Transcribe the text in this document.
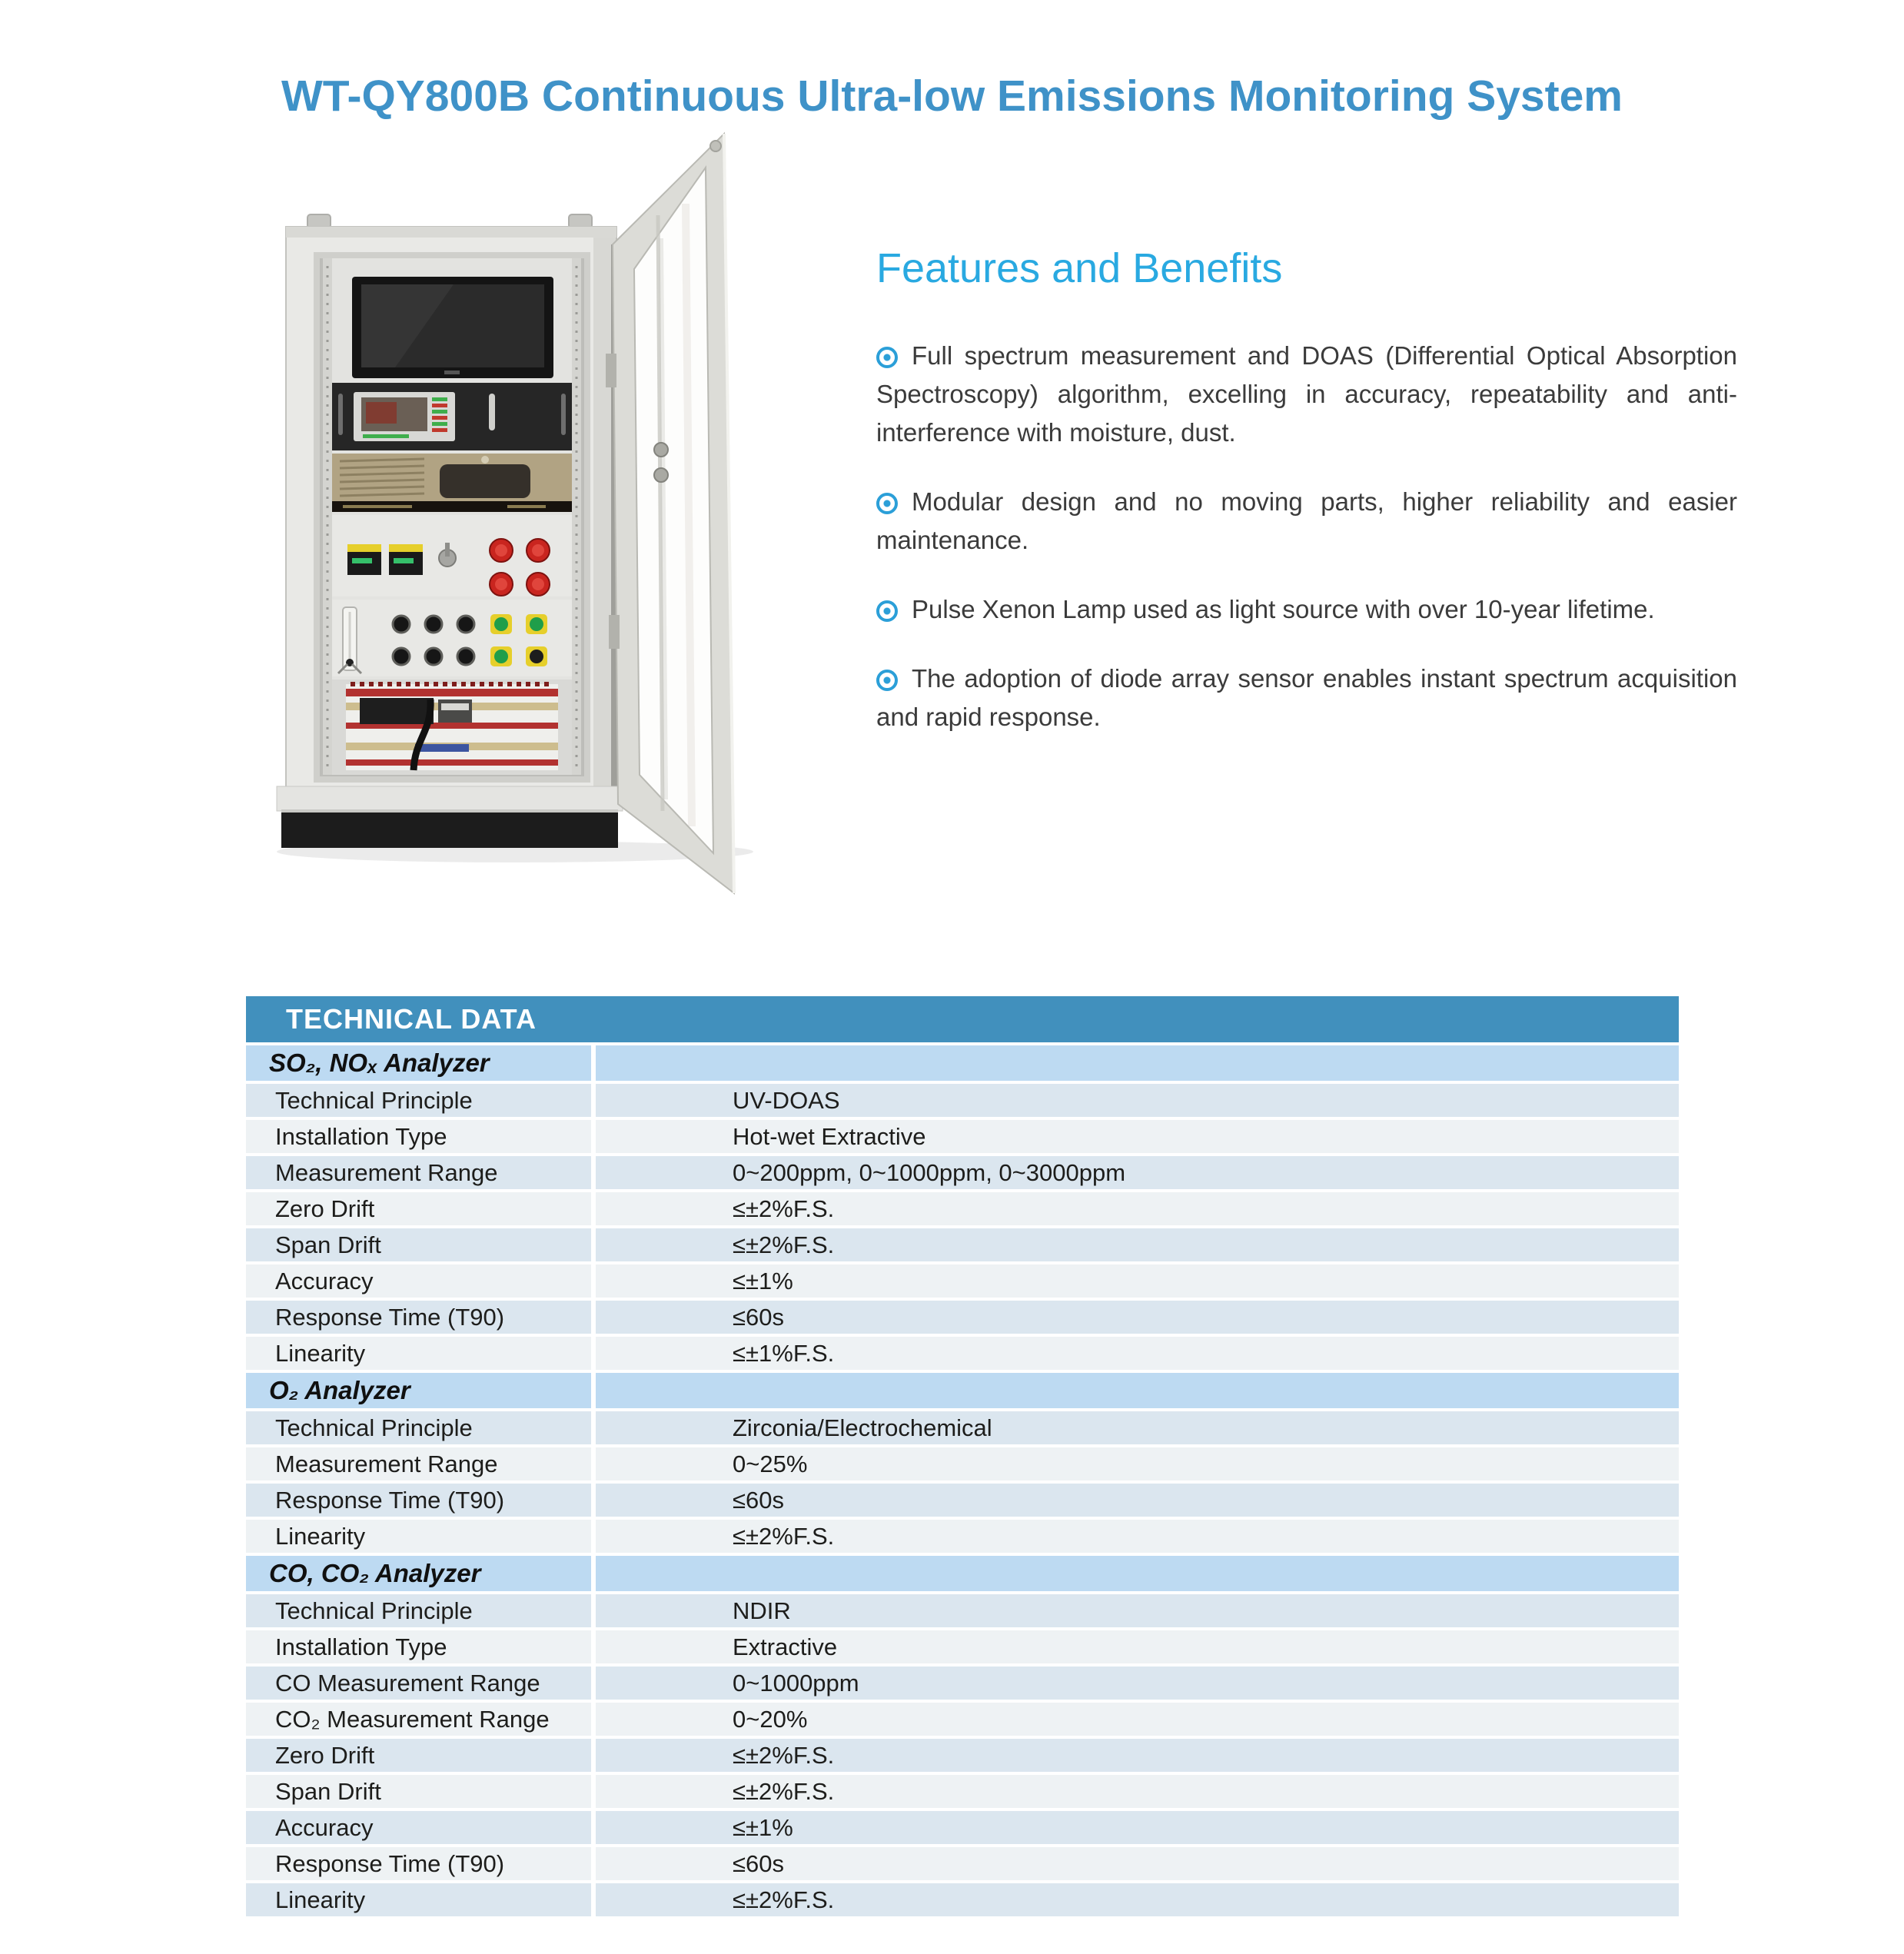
WT-QY800B Continuous Ultra-low Emissions Monitoring System
Features and Benefits

Full spectrum measurement and DOAS (Differential Optical Absorption Spectroscopy) algorithm, excelling in accuracy, repeatability and anti-interference with moisture, dust.

Modular design and no moving parts, higher reliability and easier maintenance.

Pulse Xenon Lamp used as light source with over 10-year lifetime.

The adoption of diode array sensor enables instant spectrum acquisition and rapid response.

TECHNICAL DATA
SO₂, NOₓ Analyzer
Technical Principle	UV-DOAS
Installation Type	Hot-wet Extractive
Measurement Range	0~200ppm, 0~1000ppm, 0~3000ppm
Zero Drift	≤±2%F.S.
Span Drift	≤±2%F.S.
Accuracy	≤±1%
Response Time (T90)	≤60s
Linearity	≤±1%F.S.
O₂ Analyzer
Technical Principle	Zirconia/Electrochemical
Measurement Range	0~25%
Response Time (T90)	≤60s
Linearity	≤±2%F.S.
CO, CO₂ Analyzer
Technical Principle	NDIR
Installation Type	Extractive
CO Measurement Range	0~1000ppm
CO₂ Measurement Range	0~20%
Zero Drift	≤±2%F.S.
Span Drift	≤±2%F.S.
Accuracy	≤±1%
Response Time (T90)	≤60s
Linearity	≤±2%F.S.
